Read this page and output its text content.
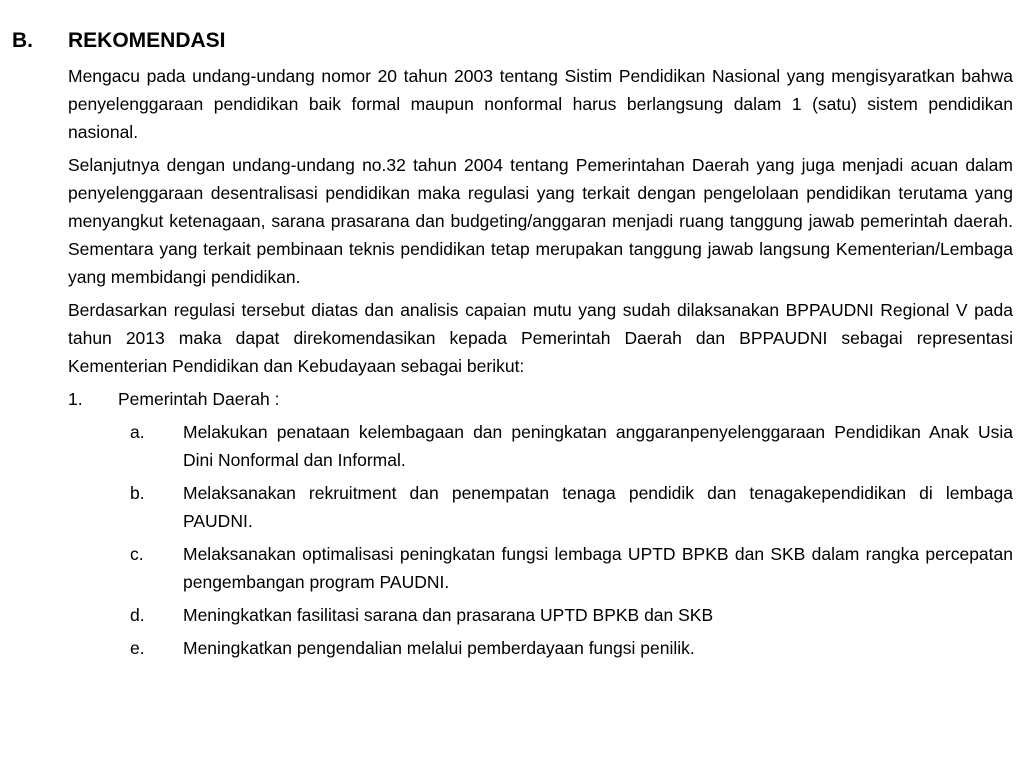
B. REKOMENDASI

Mengacu pada undang-undang nomor 20 tahun 2003 tentang Sistim Pendidikan Nasional yang mengisyaratkan bahwa penyelenggaraan pendidikan baik formal maupun nonformal harus berlangsung dalam 1 (satu) sistem pendidikan nasional.

Selanjutnya dengan undang-undang no.32 tahun 2004 tentang Pemerintahan Daerah yang juga menjadi acuan dalam penyelenggaraan desentralisasi pendidikan maka regulasi yang terkait dengan pengelolaan pendidikan terutama yang menyangkut ketenagaan, sarana prasarana dan budgeting/anggaran menjadi ruang tanggung jawab pemerintah daerah. Sementara yang terkait pembinaan teknis pendidikan tetap merupakan tanggung jawab langsung Kementerian/Lembaga yang membidangi pendidikan.

Berdasarkan regulasi tersebut diatas dan analisis capaian mutu yang sudah dilaksanakan BPPAUDNI Regional V pada tahun 2013 maka dapat direkomendasikan kepada Pemerintah Daerah dan BPPAUDNI sebagai representasi Kementerian Pendidikan dan Kebudayaan sebagai berikut:

1.	Pemerintah Daerah :
a.	Melakukan penataan kelembagaan dan peningkatan anggaranpenyelenggaraan Pendidikan Anak Usia Dini Nonformal dan Informal.
b.	Melaksanakan rekruitment dan penempatan tenaga pendidik dan tenagakependidikan di lembaga PAUDNI.
c.	Melaksanakan optimalisasi peningkatan fungsi lembaga UPTD BPKB dan SKB dalam rangka percepatan pengembangan program PAUDNI.
d.	Meningkatkan fasilitasi sarana dan prasarana UPTD BPKB dan SKB
e.	Meningkatkan pengendalian melalui pemberdayaan fungsi penilik.
